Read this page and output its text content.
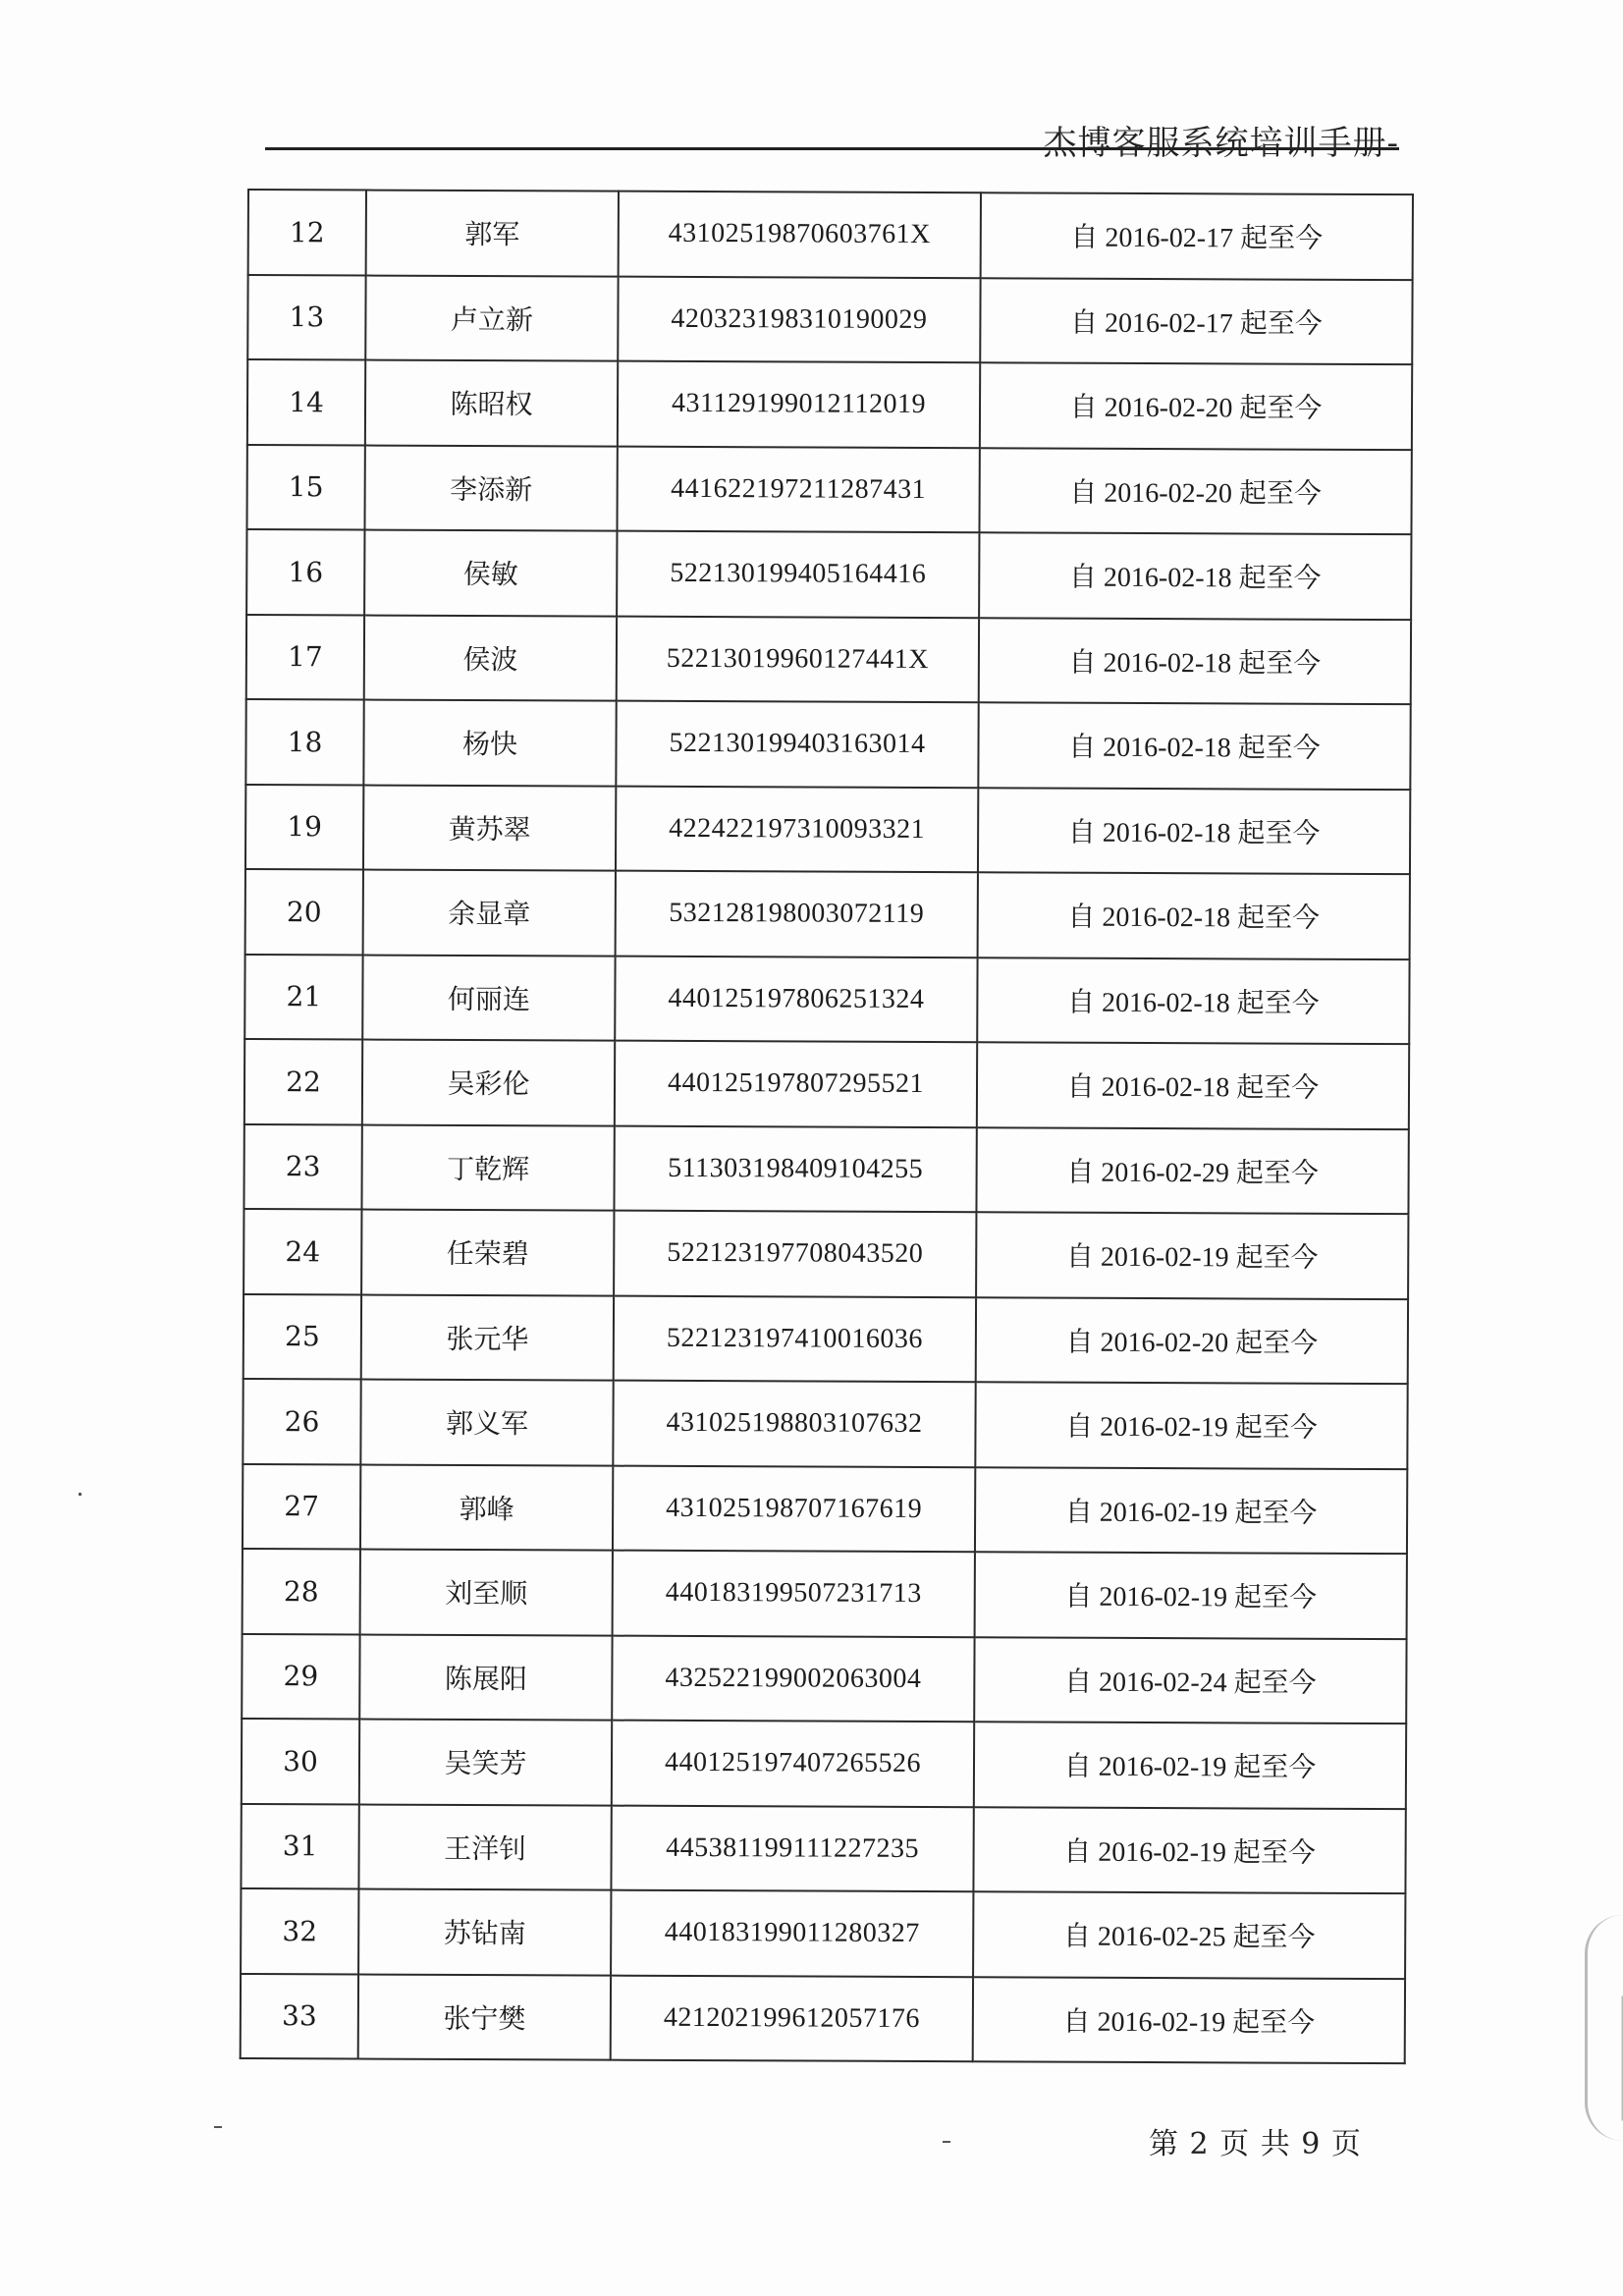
杰博客服系统培训手册-
12	郭军	43102519870603761X	自 2016-02-17 起至今
13	卢立新	420323198310190029	自 2016-02-17 起至今
14	陈昭权	431129199012112019	自 2016-02-20 起至今
15	李添新	441622197211287431	自 2016-02-20 起至今
16	侯敏	522130199405164416	自 2016-02-18 起至今
17	侯波	52213019960127441X	自 2016-02-18 起至今
18	杨快	522130199403163014	自 2016-02-18 起至今
19	黄苏翠	422422197310093321	自 2016-02-18 起至今
20	余显章	532128198003072119	自 2016-02-18 起至今
21	何丽连	440125197806251324	自 2016-02-18 起至今
22	吴彩伦	440125197807295521	自 2016-02-18 起至今
23	丁乾辉	511303198409104255	自 2016-02-29 起至今
24	任荣碧	522123197708043520	自 2016-02-19 起至今
25	张元华	522123197410016036	自 2016-02-20 起至今
26	郭义军	431025198803107632	自 2016-02-19 起至今
27	郭峰	431025198707167619	自 2016-02-19 起至今
28	刘至顺	440183199507231713	自 2016-02-19 起至今
29	陈展阳	432522199002063004	自 2016-02-24 起至今
30	吴笑芳	440125197407265526	自 2016-02-19 起至今
31	王洋钊	445381199111227235	自 2016-02-19 起至今
32	苏钻南	440183199011280327	自 2016-02-25 起至今
33	张宁樊	421202199612057176	自 2016-02-19 起至今
第 2 页 共 9 页
